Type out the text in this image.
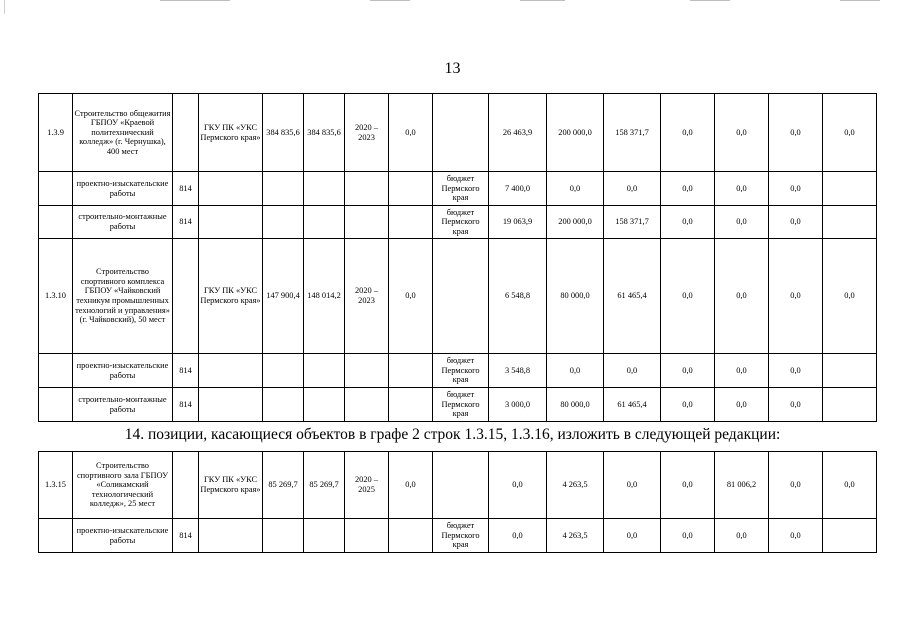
13
1.3.9	Строительство общежития ГБПОУ «Краевой политехнический колледж» (г. Чернушка), 400 мест		ГКУ ПК «УКС Пермского края»	384 835,6	384 835,6	2020 – 2023	0,0		26 463,9	200 000,0	158 371,7	0,0	0,0	0,0	0,0
	проектно-изыскательские работы	814						бюджет Пермского края	7 400,0	0,0	0,0	0,0	0,0	0,0	
	строительно-монтажные работы	814						бюджет Пермского края	19 063,9	200 000,0	158 371,7	0,0	0,0	0,0	
1.3.10	Строительство спортивного комплекса ГБПОУ «Чайковский техникум промышленных технологий и управления» (г. Чайковский), 50 мест		ГКУ ПК «УКС Пермского края»	147 900,4	148 014,2	2020 – 2023	0,0		6 548,8	80 000,0	61 465,4	0,0	0,0	0,0	0,0
	проектно-изыскательские работы	814						бюджет Пермского края	3 548,8	0,0	0,0	0,0	0,0	0,0	
	строительно-монтажные работы	814						бюджет Пермского края	3 000,0	80 000,0	61 465,4	0,0	0,0	0,0	
14. позиции, касающиеся объектов в графе 2 строк 1.3.15, 1.3.16, изложить в следующей редакции:
1.3.15	Строительство спортивного зала ГБПОУ «Соликамский технологический колледж», 25 мест		ГКУ ПК «УКС Пермского края»	85 269,7	85 269,7	2020 – 2025	0,0		0,0	4 263,5	0,0	0,0	81 006,2	0,0	0,0
	проектно-изыскательские работы	814						бюджет Пермского края	0,0	4 263,5	0,0	0,0	0,0	0,0	
